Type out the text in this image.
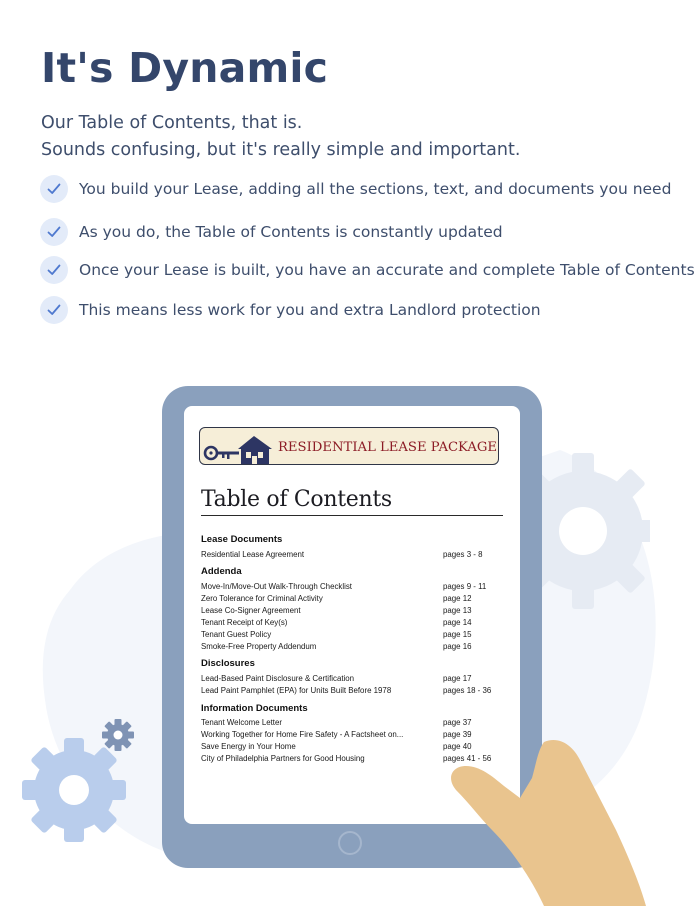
It's Dynamic

Our Table of Contents, that is.
Sounds confusing, but it's really simple and important.

You build your Lease, adding all the sections, text, and documents you need
As you do, the Table of Contents is constantly updated
Once your Lease is built, you have an accurate and complete Table of Contents
This means less work for you and extra Landlord protection
RESIDENTIAL LEASE PACKAGE
Table of Contents
Lease Documents
Residential Lease Agreement	pages 3 - 8
Addenda
Move-In/Move-Out Walk-Through Checklist	pages 9 - 11
Zero Tolerance for Criminal Activity	page 12
Lease Co-Signer Agreement	page 13
Tenant Receipt of Key(s)	page 14
Tenant Guest Policy	page 15
Smoke-Free Property Addendum	page 16
Disclosures
Lead-Based Paint Disclosure & Certification	page 17
Lead Paint Pamphlet (EPA) for Units Built Before 1978	pages 18 - 36
Information Documents
Tenant Welcome Letter	page 37
Working Together for Home Fire Safety - A Factsheet on...	page 39
Save Energy in Your Home	page 40
City of Philadelphia Partners for Good Housing	pages 41 - 56
